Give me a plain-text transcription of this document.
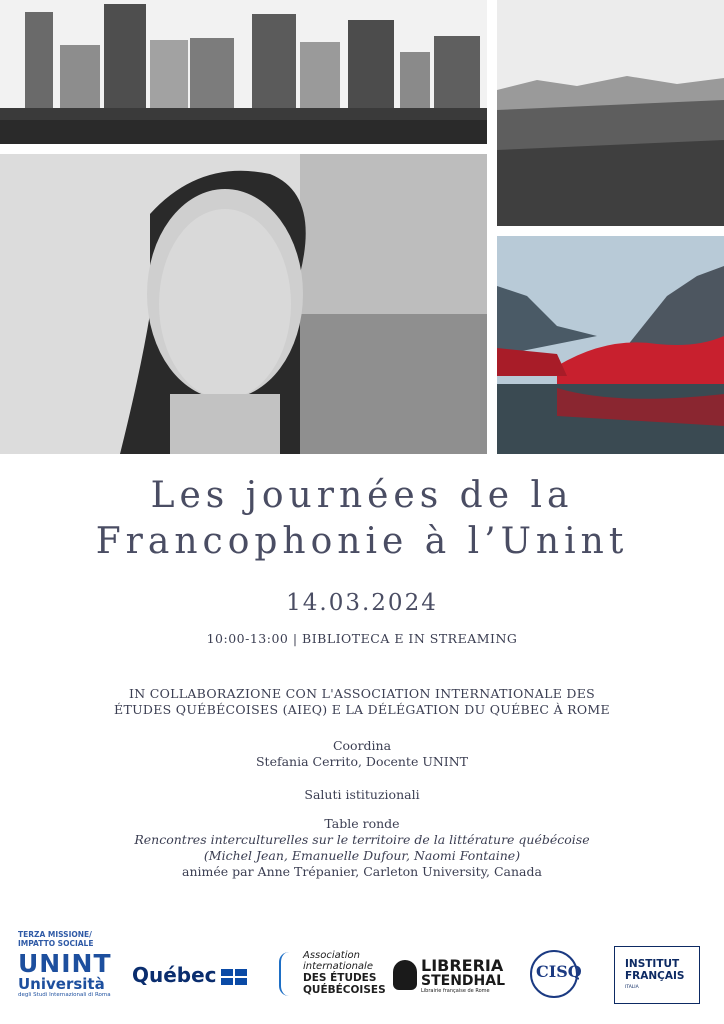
Les journées de la
Francophonie à l’Unint
14.03.2024
10:00-13:00 | BIBLIOTECA E IN STREAMING
IN COLLABORAZIONE CON L'ASSOCIATION INTERNATIONALE DES
ÉTUDES QUÉBÉCOISES (AIEQ) E LA DÉLÉGATION DU QUÉBEC À ROME
Coordina
Stefania Cerrito, Docente UNINT
Saluti istituzionali
Table ronde
Rencontres interculturelles sur le territoire de la littérature québécoise
(Michel Jean, Emanuelle Dufour, Naomi Fontaine)
animée par Anne Trépanier, Carleton University, Canada
TERZA MISSIONE/
IMPATTO SOCIALE
UNINT
Università
degli Studi Internazionali di Roma
Québec
Association
internationale
DES ÉTUDES
QUÉBÉCOISES
LIBRERIA
STENDHAL
Librairie française de Rome
CISQ	INSTITUT
FRANÇAIS
ITALIA
